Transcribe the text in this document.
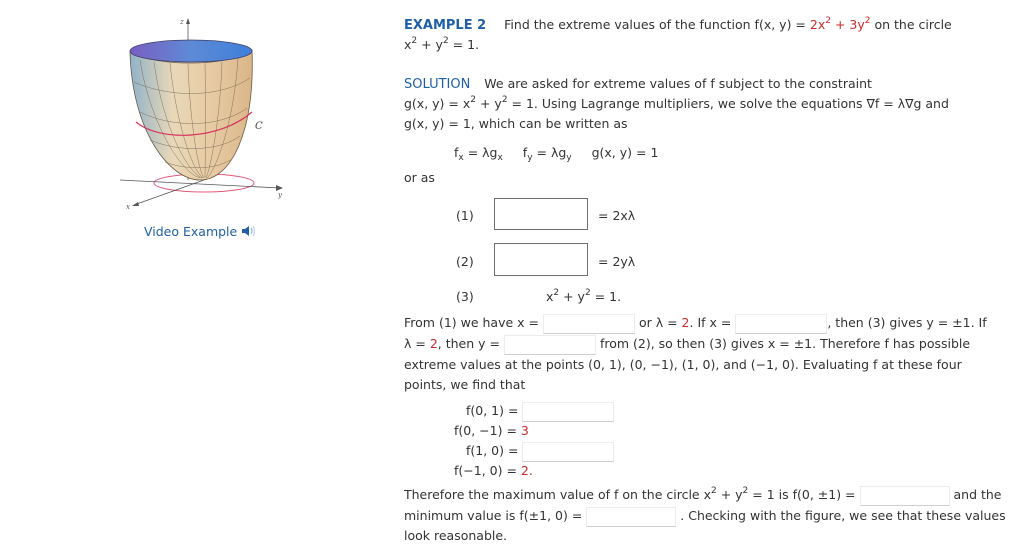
z
C
y
x
Video Example
EXAMPLE 2 Find the extreme values of the function f(x, $y) = 2x^2 + 3y^2$ on the circle
$x^2 + y^2 = 1$.
SOLUTION We are asked for extreme values of f subject to the constraint
g(x, $y) = x^2 + y^2 = 1$. Using Lagrange multipliers, we solve the equations ∇f = λ∇g and
g(x, y) = 1, which can be written as
$f_x = \lambda g_x$ $f_y = \lambda g_y$ g(x, y) = 1
or as
(1)	= 2xλ
(2)	= 2yλ
(3)	$x^2 + y^2 = 1$.
From (1) we have x =	or λ = 2. If x =	, then (3) gives y = ±1. If
λ = 2, then y =	from (2), so then (3) gives x = ±1. Therefore f has possible
extreme values at the points (0, 1), (0, −1), (1, 0), and (−1, 0). Evaluating f at these four
points, we find that
f(0, 1) =
f(0, −1) = 3
f(1, 0) =
f(−1, 0) = 2.
Therefore the maximum value of f on the circle $x^2 + y^2 = 1$ is f(0, ±1) =	and the
minimum value is f(±1, 0) =	. Checking with the figure, we see that these values
look reasonable.
